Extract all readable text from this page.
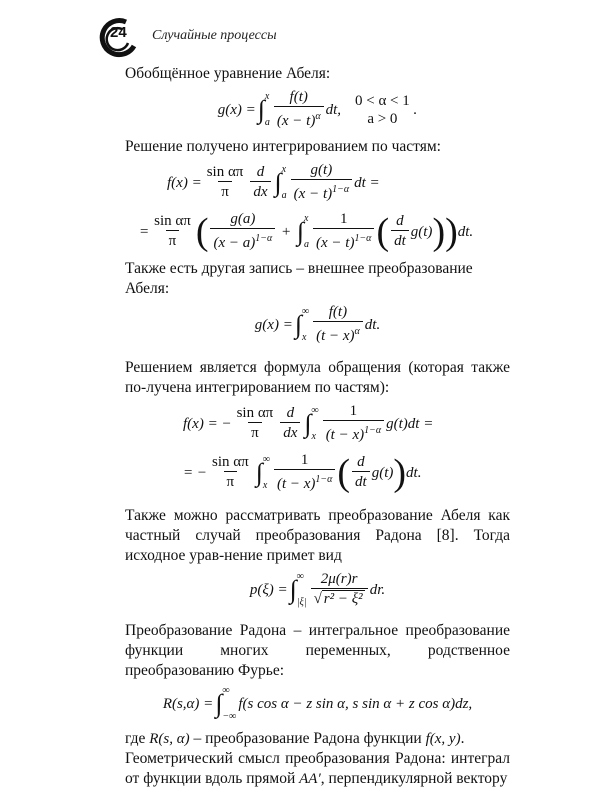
24 Случайные процессы

Обобщённое уравнение Абеля:

g(x) = ∫ x
a $\frac{f(t)}{(x - t)^\alpha}$ dt,
0 < α < 1
a > 0
.

Решение получено интегрированием по частям:

$f(x) = \frac{\text{sin απ}}{\pi} \frac{d}{dx}$ ∫ x
a $\frac{g(t)}{(x - t)^{1-\alpha}}$ dt =
= $\frac{\text{sin απ}}{\pi}$ ( $\frac{g(a)}{(x - a)^{1-\alpha}}$ + ∫ x
a $\frac{1}{(x - t)^{1-\alpha}}$ ( $\frac{d}{dt} g(t)$ )) dt.

Также есть другая запись – внешнее преобразование Абеля:

g(x) = ∫ ∞
x $\frac{f(t)}{(t - x)^\alpha}$ dt.

Решением является формула обращения (которая также по-лучена интегрированием по частям):

f(x) = − $\frac{\text{sin απ}}{\pi} \frac{d}{dx}$ ∫ ∞
x $\frac{1}{(t - x)^{1-\alpha}} g(t)dt$ =
= − $\frac{\text{sin απ}}{\pi}$ ∫ ∞
x $\frac{1}{(t - x)^{1-\alpha}}$ ( $\frac{d}{dt} g(t)$ ) dt.

Также можно рассматривать преобразование Абеля как частный случай преобразования Радона [8]. Тогда исходное урав-нение примет вид

p(ξ) = ∫ ∞
$|\xi| \frac{2\mu(r)r}{\text{√ r² − ξ²}}$ dr.

Преобразование Радона – интегральное преобразование функции многих переменных, родственное преобразованию Фурье:

R(s,α) = ∫ ∞
−∞
f(s cos α − z sin α, s sin α + z cos α)dz,

где R(s, α) – преобразование Радона функции f(x, y).

Геометрический смысл преобразования Радона: интеграл от функции вдоль прямой AA′, перпендикулярной вектору
